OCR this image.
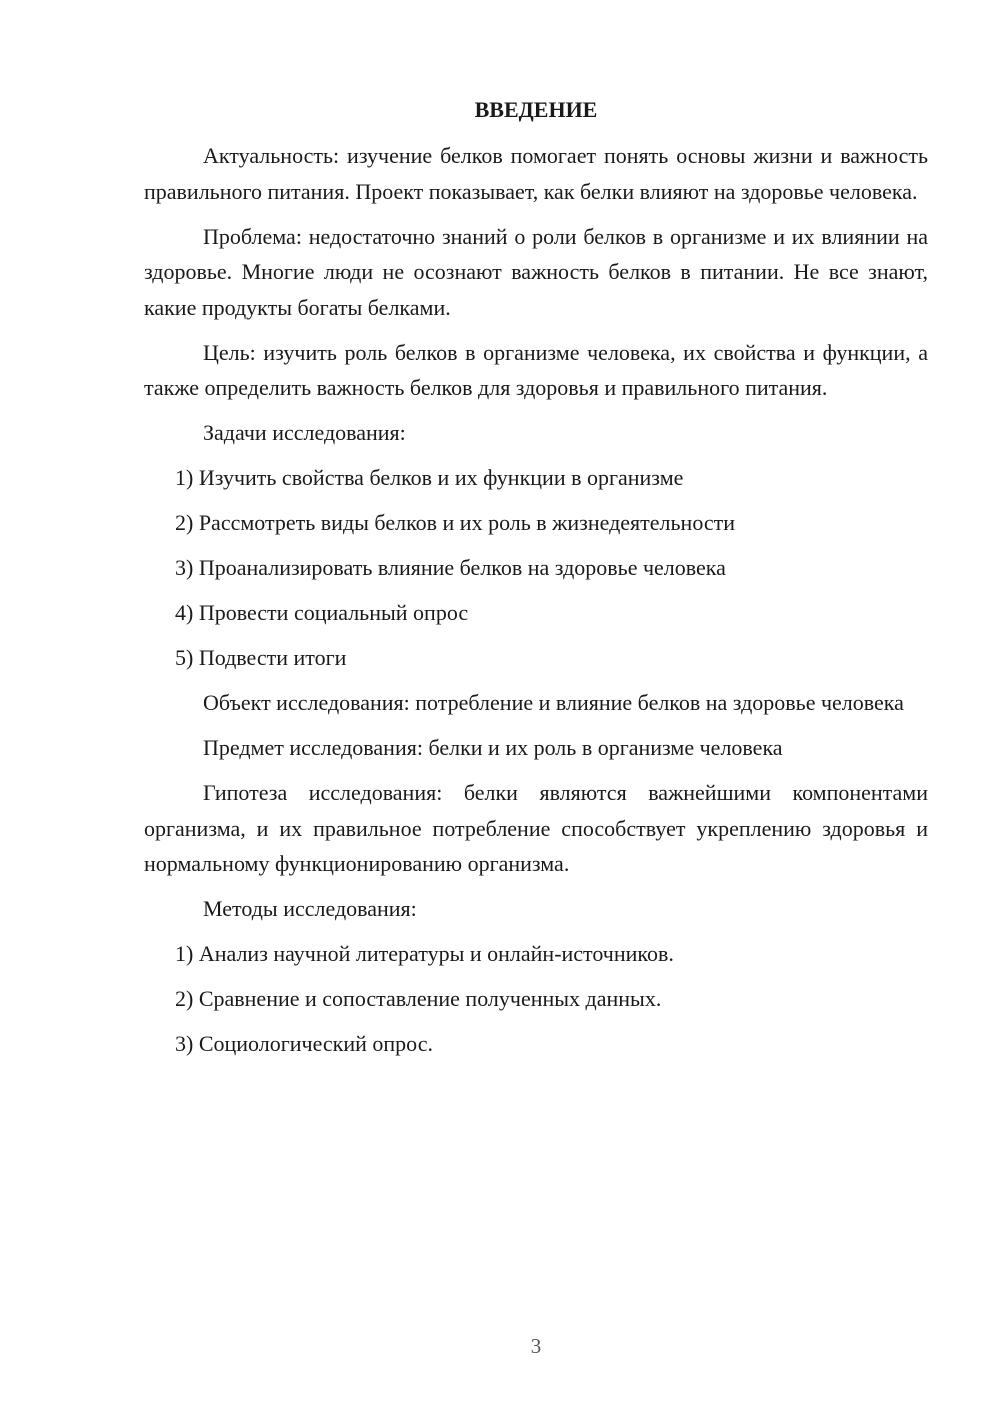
ВВЕДЕНИЕ

Актуальность: изучение белков помогает понять основы жизни и важность правильного питания. Проект показывает, как белки влияют на здоровье человека.

Проблема: недостаточно знаний о роли белков в организме и их влиянии на здоровье. Многие люди не осознают важность белков в питании. Не все знают, какие продукты богаты белками.

Цель: изучить роль белков в организме человека, их свойства и функции, а также определить важность белков для здоровья и правильного питания.

Задачи исследования:

1) Изучить свойства белков и их функции в организме

2) Рассмотреть виды белков и их роль в жизнедеятельности

3) Проанализировать влияние белков на здоровье человека

4) Провести социальный опрос

5) Подвести итоги

Объект исследования: потребление и влияние белков на здоровье человека

Предмет исследования: белки и их роль в организме человека

Гипотеза исследования: белки являются важнейшими компонентами организма, и их правильное потребление способствует укреплению здоровья и нормальному функционированию организма.

Методы исследования:

1) Анализ научной литературы и онлайн-источников.

2) Сравнение и сопоставление полученных данных.

3) Социологический опрос.

3
